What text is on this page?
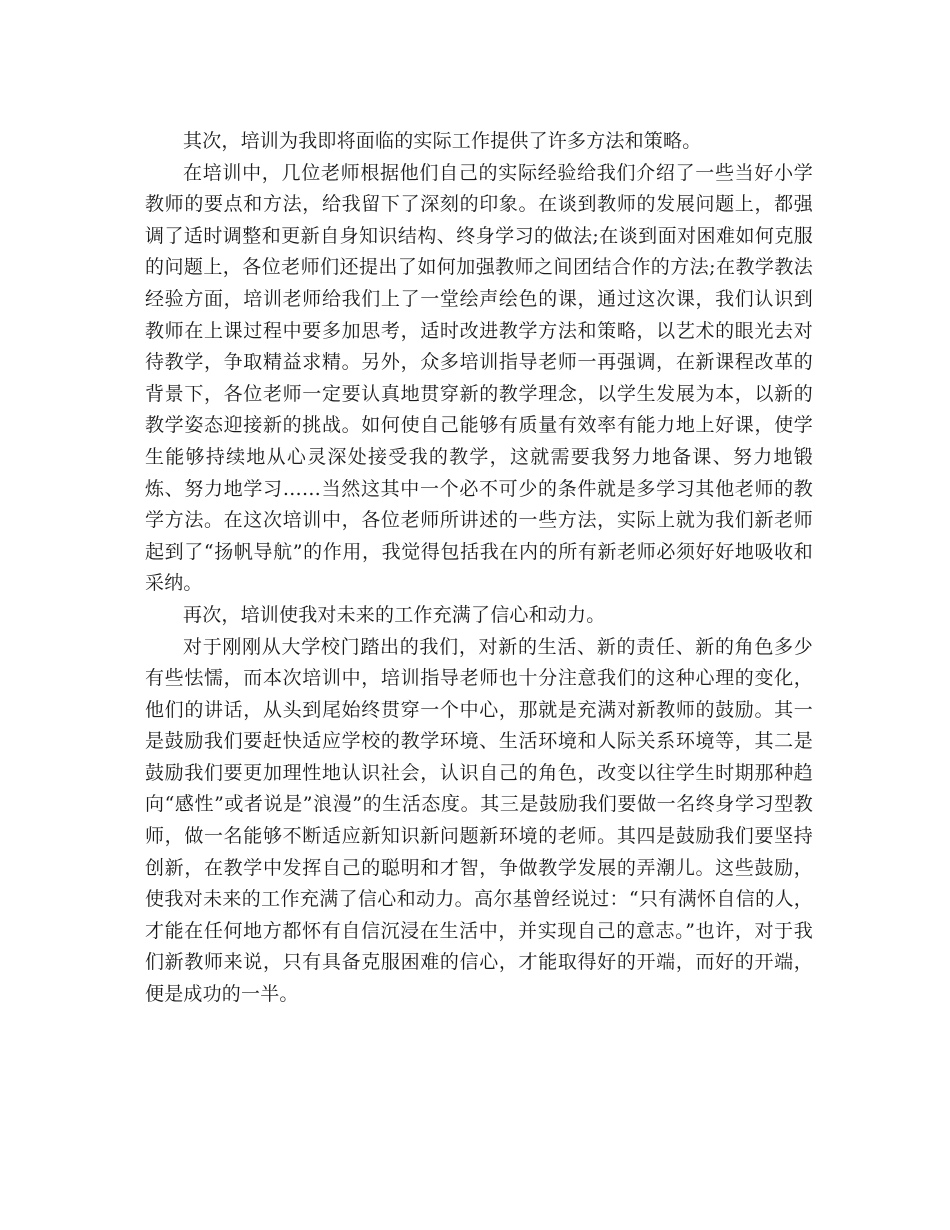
其次，培训为我即将面临的实际工作提供了许多方法和策略。

在培训中，几位老师根据他们自己的实际经验给我们介绍了一些当好小学教师的要点和方法，给我留下了深刻的印象。在谈到教师的发展问题上，都强调了适时调整和更新自身知识结构、终身学习的做法;在谈到面对困难如何克服的问题上，各位老师们还提出了如何加强教师之间团结合作的方法;在教学教法经验方面，培训老师给我们上了一堂绘声绘色的课，通过这次课，我们认识到教师在上课过程中要多加思考，适时改进教学方法和策略，以艺术的眼光去对待教学，争取精益求精。另外，众多培训指导老师一再强调，在新课程改革的背景下，各位老师一定要认真地贯穿新的教学理念，以学生发展为本，以新的教学姿态迎接新的挑战。如何使自己能够有质量有效率有能力地上好课，使学生能够持续地从心灵深处接受我的教学，这就需要我努力地备课、努力地锻炼、努力地学习……当然这其中一个必不可少的条件就是多学习其他老师的教学方法。在这次培训中，各位老师所讲述的一些方法，实际上就为我们新老师起到了“扬帆导航”的作用，我觉得包括我在内的所有新老师必须好好地吸收和采纳。

再次，培训使我对未来的工作充满了信心和动力。

对于刚刚从大学校门踏出的我们，对新的生活、新的责任、新的角色多少有些怯懦，而本次培训中，培训指导老师也十分注意我们的这种心理的变化，他们的讲话，从头到尾始终贯穿一个中心，那就是充满对新教师的鼓励。其一是鼓励我们要赶快适应学校的教学环境、生活环境和人际关系环境等，其二是鼓励我们要更加理性地认识社会，认识自己的角色，改变以往学生时期那种趋向“感性”或者说是”浪漫”的生活态度。其三是鼓励我们要做一名终身学习型教师，做一名能够不断适应新知识新问题新环境的老师。其四是鼓励我们要坚持创新，在教学中发挥自己的聪明和才智，争做教学发展的弄潮儿。这些鼓励，使我对未来的工作充满了信心和动力。高尔基曾经说过：“只有满怀自信的人，才能在任何地方都怀有自信沉浸在生活中，并实现自己的意志。”也许，对于我们新教师来说，只有具备克服困难的信心，才能取得好的开端，而好的开端，便是成功的一半。
